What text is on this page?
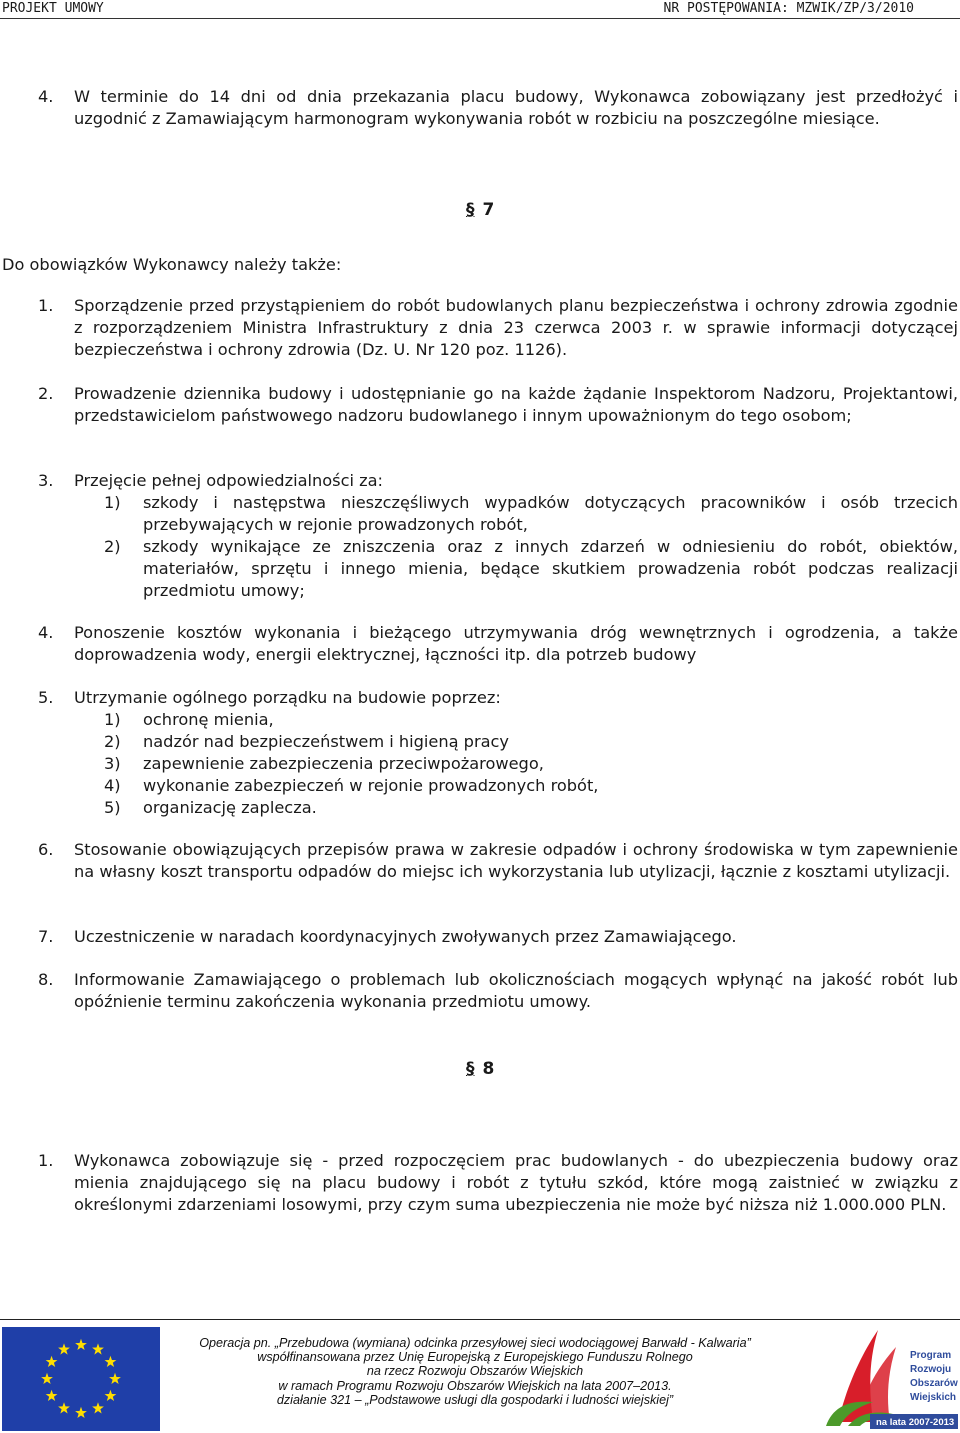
PROJEKT UMOWY	NR POSTĘPOWANIA: MZWIK/ZP/3/2010
4. W terminie do 14 dni od dnia przekazania placu budowy, Wykonawca zobowiązany jest przedłożyć i uzgodnić z Zamawiającym harmonogram wykonywania robót w rozbiciu na poszczególne miesiące.
§ 7
Do obowiązków Wykonawcy należy także:
1. Sporządzenie przed przystąpieniem do robót budowlanych planu bezpieczeństwa i ochrony zdrowia zgodnie z rozporządzeniem Ministra Infrastruktury z dnia 23 czerwca 2003 r. w sprawie informacji dotyczącej bezpieczeństwa i ochrony zdrowia (Dz. U. Nr 120 poz. 1126).
2. Prowadzenie dziennika budowy i udostępnianie go na każde żądanie Inspektorom Nadzoru, Projektantowi, przedstawicielom państwowego nadzoru budowlanego i innym upoważnionym do tego osobom;
3. Przejęcie pełnej odpowiedzialności za:
1) szkody i następstwa nieszczęśliwych wypadków dotyczących pracowników i osób trzecich przebywających w rejonie prowadzonych robót,
2) szkody wynikające ze zniszczenia oraz z innych zdarzeń w odniesieniu do robót, obiektów, materiałów, sprzętu i innego mienia, będące skutkiem prowadzenia robót podczas realizacji przedmiotu umowy;
4. Ponoszenie kosztów wykonania i bieżącego utrzymywania dróg wewnętrznych i ogrodzenia, a także doprowadzenia wody, energii elektrycznej, łączności itp. dla potrzeb budowy
5. Utrzymanie ogólnego porządku na budowie poprzez:
1) ochronę mienia,
2) nadzór nad bezpieczeństwem i higieną pracy
3) zapewnienie zabezpieczenia przeciwpożarowego,
4) wykonanie zabezpieczeń w rejonie prowadzonych robót,
5) organizację zaplecza.
6. Stosowanie obowiązujących przepisów prawa w zakresie odpadów i ochrony środowiska w tym zapewnienie na własny koszt transportu odpadów do miejsc ich wykorzystania lub utylizacji, łącznie z kosztami utylizacji.
7. Uczestniczenie w naradach koordynacyjnych zwoływanych przez Zamawiającego.
8. Informowanie Zamawiającego o problemach lub okolicznościach mogących wpłynąć na jakość robót lub opóźnienie terminu zakończenia wykonania przedmiotu umowy.
§ 8
1. Wykonawca zobowiązuje się - przed rozpoczęciem prac budowlanych - do ubezpieczenia budowy oraz mienia znajdującego się na placu budowy i robót z tytułu szkód, które mogą zaistnieć w związku z określonymi zdarzeniami losowymi, przy czym suma ubezpieczenia nie może być niższa niż 1.000.000 PLN.
Operacja pn. „Przebudowa (wymiana) odcinka przesyłowej sieci wodociągowej Barwałd - Kalwaria”
współfinansowana przez Unię Europejską z Europejskiego Funduszu Rolnego
na rzecz Rozwoju Obszarów Wiejskich
w ramach Programu Rozwoju Obszarów Wiejskich na lata 2007–2013.
działanie 321 – „Podstawowe usługi dla gospodarki i ludności wiejskiej”
Program
Rozwoju
Obszarów
Wiejskich
na lata 2007-2013
